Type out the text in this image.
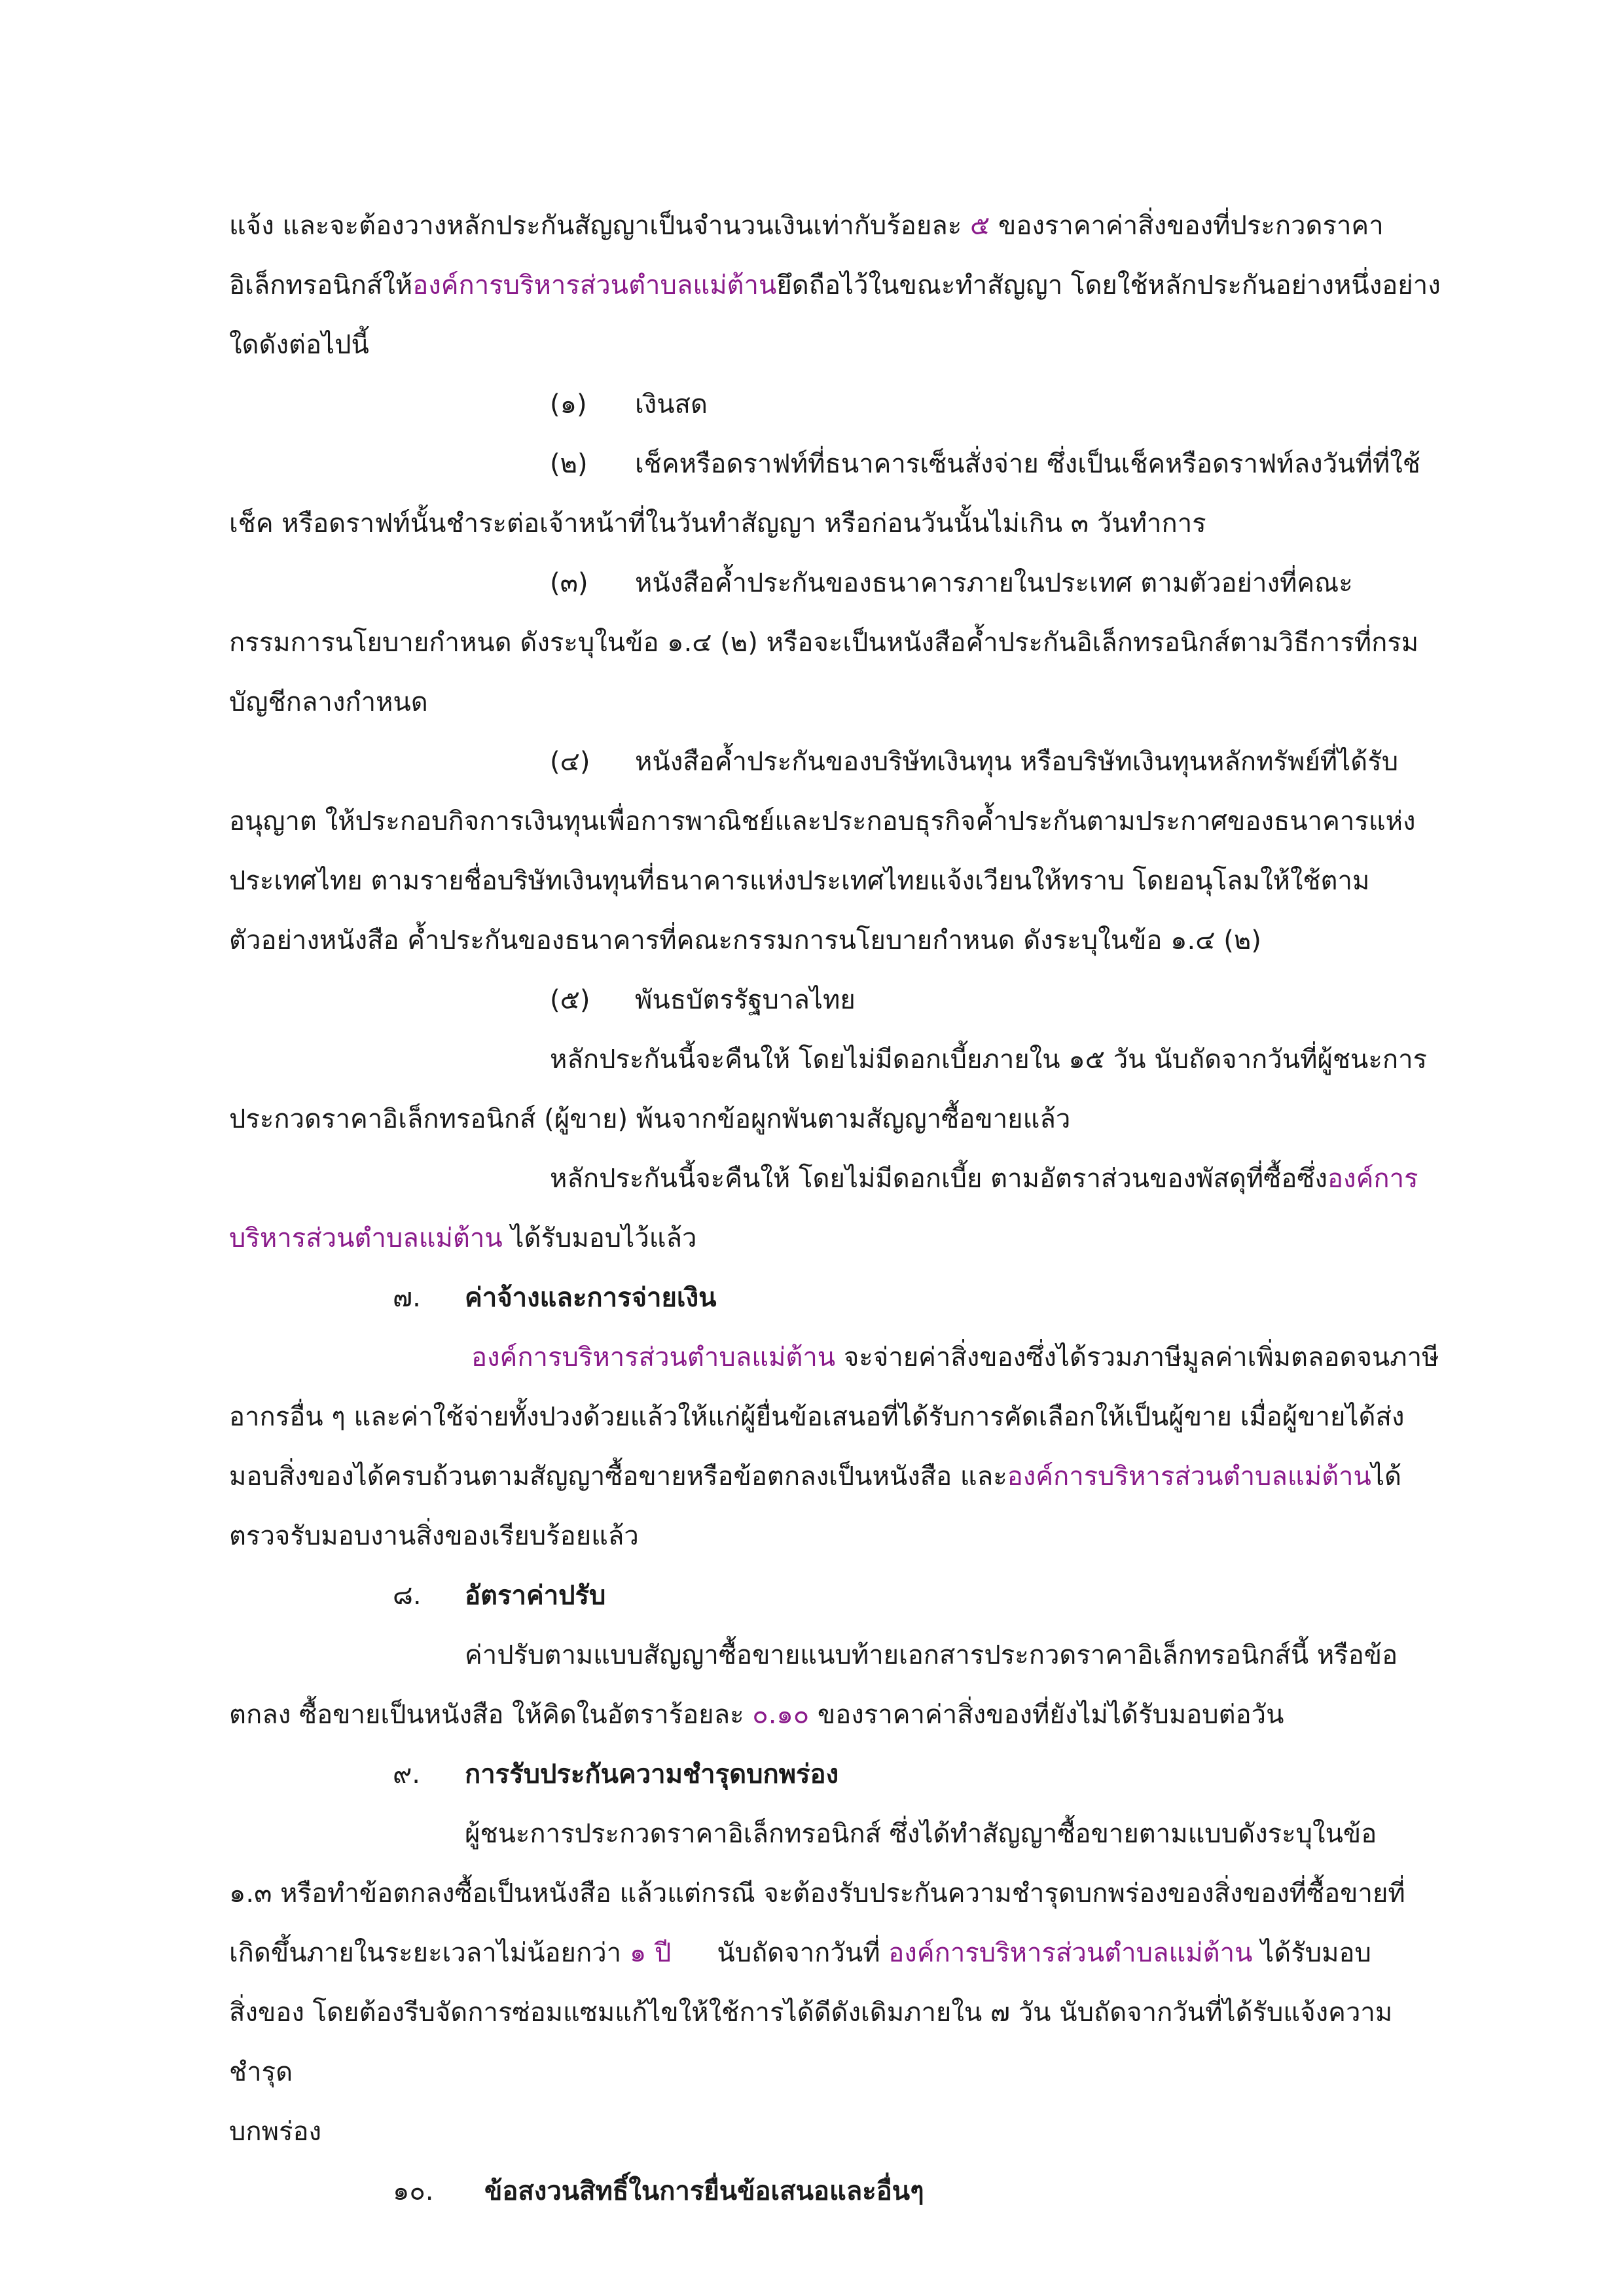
แจ้ง และจะต้องวางหลักประกันสัญญาเป็นจำนวนเงินเท่ากับร้อยละ ๕ ของราคาค่าสิ่งของที่ประกวดราคา

อิเล็กทรอนิกส์ให้องค์การบริหารส่วนตำบลแม่ต้านยึดถือไว้ในขณะทำสัญญา โดยใช้หลักประกันอย่างหนึ่งอย่าง

ใดดังต่อไปนี้

(๑) เงินสด

(๒) เช็คหรือดราฟท์ที่ธนาคารเซ็นสั่งจ่าย ซึ่งเป็นเช็คหรือดราฟท์ลงวันที่ที่ใช้

เช็ค หรือดราฟท์นั้นชำระต่อเจ้าหน้าที่ในวันทำสัญญา หรือก่อนวันนั้นไม่เกิน ๓ วันทำการ

(๓) หนังสือค้ำประกันของธนาคารภายในประเทศ ตามตัวอย่างที่คณะ

กรรมการนโยบายกำหนด ดังระบุในข้อ ๑.๔ (๒) หรือจะเป็นหนังสือค้ำประกันอิเล็กทรอนิกส์ตามวิธีการที่กรม

บัญชีกลางกำหนด

(๔) หนังสือค้ำประกันของบริษัทเงินทุน หรือบริษัทเงินทุนหลักทรัพย์ที่ได้รับ

อนุญาต ให้ประกอบกิจการเงินทุนเพื่อการพาณิชย์และประกอบธุรกิจค้ำประกันตามประกาศของธนาคารแห่ง

ประเทศไทย ตามรายชื่อบริษัทเงินทุนที่ธนาคารแห่งประเทศไทยแจ้งเวียนให้ทราบ โดยอนุโลมให้ใช้ตาม

ตัวอย่างหนังสือ ค้ำประกันของธนาคารที่คณะกรรมการนโยบายกำหนด ดังระบุในข้อ ๑.๔ (๒)

(๕) พันธบัตรรัฐบาลไทย

หลักประกันนี้จะคืนให้ โดยไม่มีดอกเบี้ยภายใน ๑๕ วัน นับถัดจากวันที่ผู้ชนะการ

ประกวดราคาอิเล็กทรอนิกส์ (ผู้ขาย) พ้นจากข้อผูกพันตามสัญญาซื้อขายแล้ว

หลักประกันนี้จะคืนให้ โดยไม่มีดอกเบี้ย ตามอัตราส่วนของพัสดุที่ซื้อซึ่งองค์การ

บริหารส่วนตำบลแม่ต้าน ได้รับมอบไว้แล้ว

๗. ค่าจ้างและการจ่ายเงิน

องค์การบริหารส่วนตำบลแม่ต้าน จะจ่ายค่าสิ่งของซึ่งได้รวมภาษีมูลค่าเพิ่มตลอดจนภาษี

อากรอื่น ๆ และค่าใช้จ่ายทั้งปวงด้วยแล้วให้แก่ผู้ยื่นข้อเสนอที่ได้รับการคัดเลือกให้เป็นผู้ขาย เมื่อผู้ขายได้ส่ง

มอบสิ่งของได้ครบถ้วนตามสัญญาซื้อขายหรือข้อตกลงเป็นหนังสือ และองค์การบริหารส่วนตำบลแม่ต้านได้

ตรวจรับมอบงานสิ่งของเรียบร้อยแล้ว

๘. อัตราค่าปรับ

ค่าปรับตามแบบสัญญาซื้อขายแนบท้ายเอกสารประกวดราคาอิเล็กทรอนิกส์นี้ หรือข้อ

ตกลง ซื้อขายเป็นหนังสือ ให้คิดในอัตราร้อยละ ๐.๑๐ ของราคาค่าสิ่งของที่ยังไม่ได้รับมอบต่อวัน

๙. การรับประกันความชำรุดบกพร่อง

ผู้ชนะการประกวดราคาอิเล็กทรอนิกส์ ซึ่งได้ทำสัญญาซื้อขายตามแบบดังระบุในข้อ

๑.๓ หรือทำข้อตกลงซื้อเป็นหนังสือ แล้วแต่กรณี จะต้องรับประกันความชำรุดบกพร่องของสิ่งของที่ซื้อขายที่

เกิดขึ้นภายในระยะเวลาไม่น้อยกว่า ๑ ปี นับถัดจากวันที่ องค์การบริหารส่วนตำบลแม่ต้าน ได้รับมอบ

สิ่งของ โดยต้องรีบจัดการซ่อมแซมแก้ไขให้ใช้การได้ดีดังเดิมภายใน ๗ วัน นับถัดจากวันที่ได้รับแจ้งความชำรุด

บกพร่อง

๑๐. ข้อสงวนสิทธิ์ในการยื่นข้อเสนอและอื่นๆ
